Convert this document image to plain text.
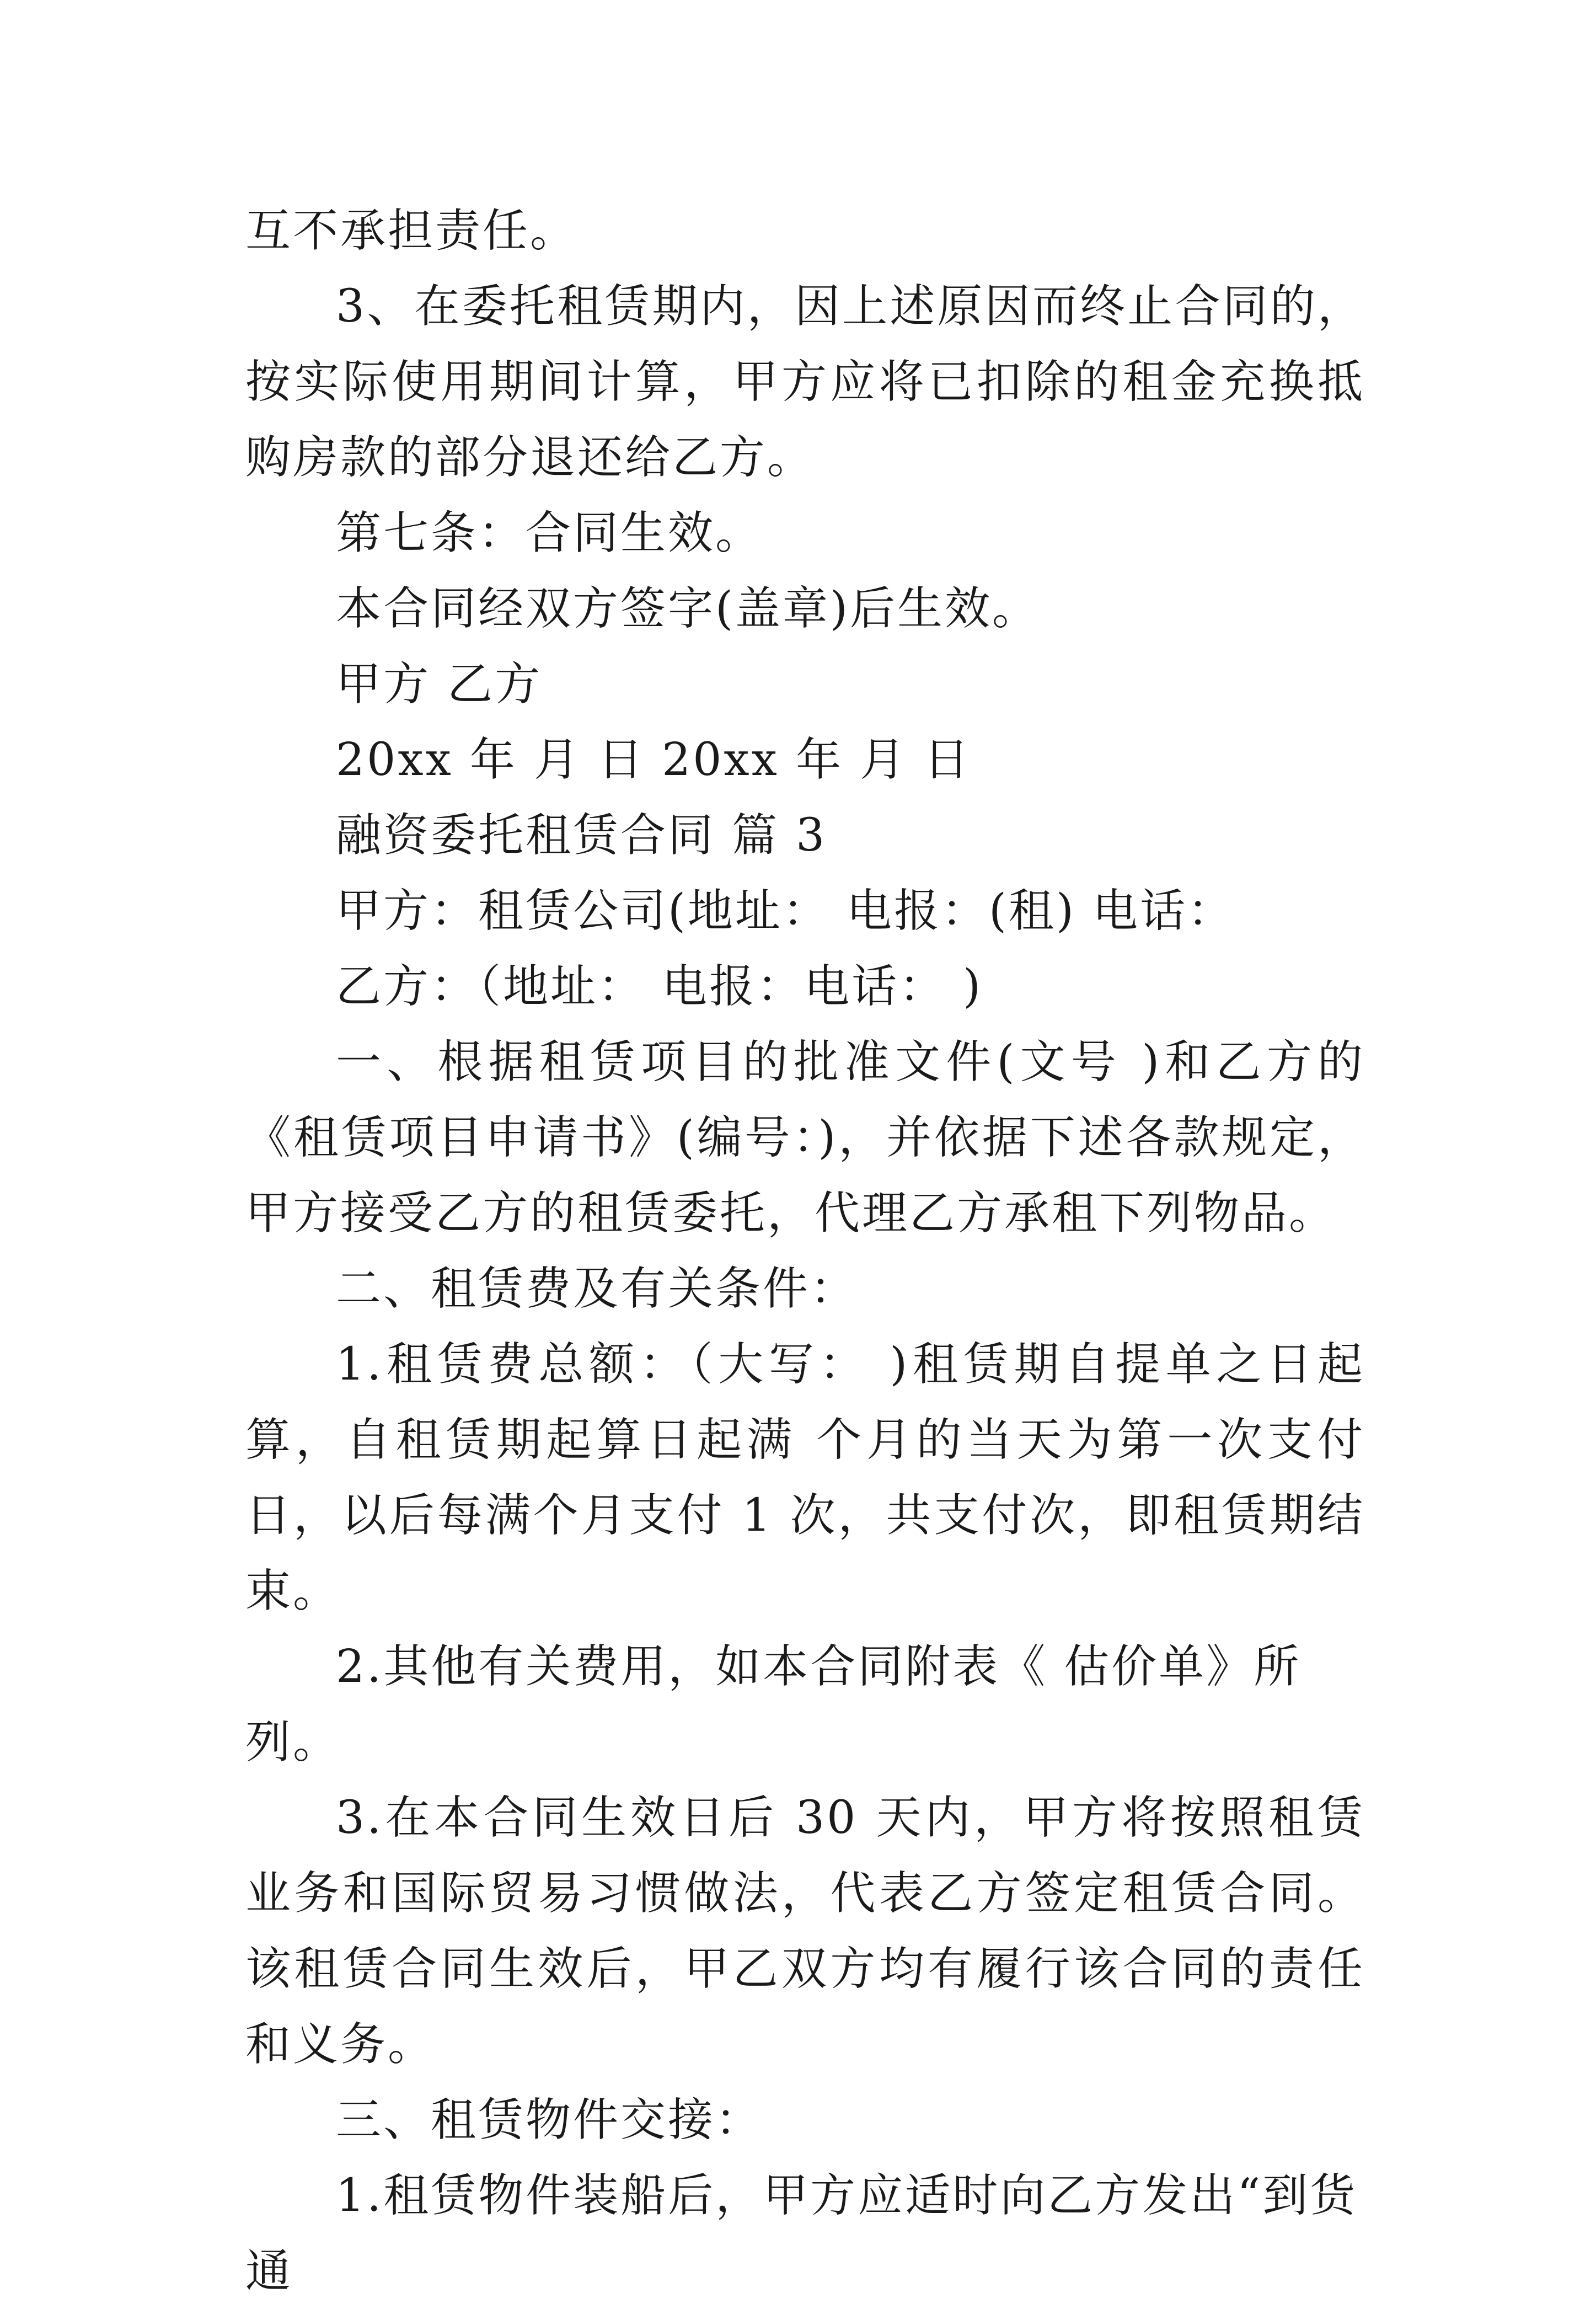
互不承担责任。

3、在委托租赁期内，因上述原因而终止合同的，按实际使用期间计算，甲方应将已扣除的租金充换抵购房款的部分退还给乙方。

第七条：合同生效。

本合同经双方签字(盖章)后生效。

甲方 乙方

20xx 年 月 日 20xx 年 月 日

融资委托租赁合同 篇 3

甲方：租赁公司(地址： 电报：(租) 电话：

乙方：（地址： 电报：电话： )

一、根据租赁项目的批准文件(文号 )和乙方的 《租赁项目申请书》(编号：)，并依据下述各款规定，甲方接受乙方的租赁委托，代理乙方承租下列物品。

二、租赁费及有关条件：

1.租赁费总额：（大写： )租赁期自提单之日起算，自租赁期起算日起满 个月的当天为第一次支付日，以后每满个月支付 1 次，共支付次，即租赁期结束。

2.其他有关费用，如本合同附表《 估价单》所列。

3.在本合同生效日后 30 天内，甲方将按照租赁业务和国际贸易习惯做法，代表乙方签定租赁合同。该租赁合同生效后，甲乙双方均有履行该合同的责任和义务。

三、租赁物件交接：

1.租赁物件装船后，甲方应适时向乙方发出“到货通
